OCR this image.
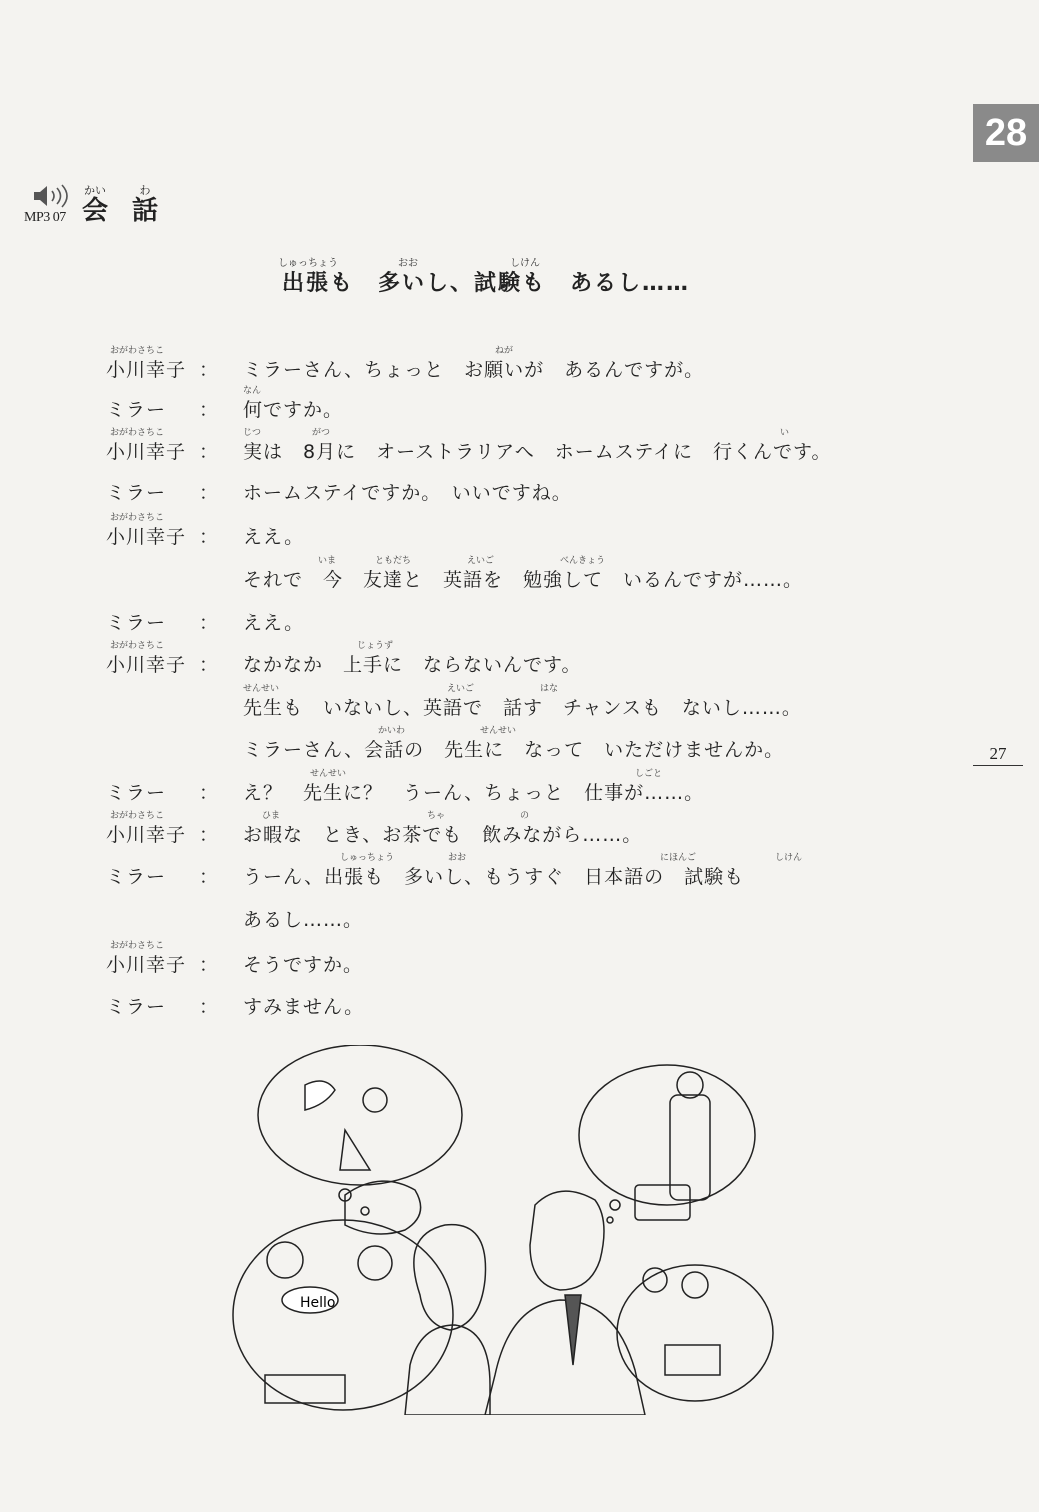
28
MP3 07
かい
会
わ
話
しゅっちょう	おお	しけん
出張も　多いし、試験も　あるし……
おがわさちこ
小川幸子 ：
ねが
ミラーさん、ちょっと　お願いが　あるんですが。
ミラー ：
なん
何ですか。
おがわさちこ
小川幸子 ：
じつ	がつ	い
実は　8月に　オーストラリアへ　ホームステイに　行くんです。
ミラー ： ホームステイですか。　いいですね。
おがわさちこ
小川幸子 ： ええ。
いま	ともだち	えいご	べんきょう
それで　今　友達と　英語を　勉強して　いるんですが……。
ミラー ： ええ。
おがわさちこ
小川幸子 ：
じょうず
なかなか　上手に　ならないんです。
せんせい	えいご	はな
先生も　いないし、英語で　話す　チャンスも　ないし……。
かいわ	せんせい
ミラーさん、会話の　先生に　なって　いただけませんか。
ミラー ：
せんせい	しごと
え？　先生に？　うーん、ちょっと　仕事が……。
おがわさちこ
小川幸子 ：
ひま	ちゃ	の
お暇な　とき、お茶でも　飲みながら……。
ミラー ：
しゅっちょう	おお	にほんご	しけん
うーん、出張も　多いし、もうすぐ　日本語の　試験も
あるし……。
おがわさちこ
小川幸子 ： そうですか。
ミラー ： すみません。
27
Hello
